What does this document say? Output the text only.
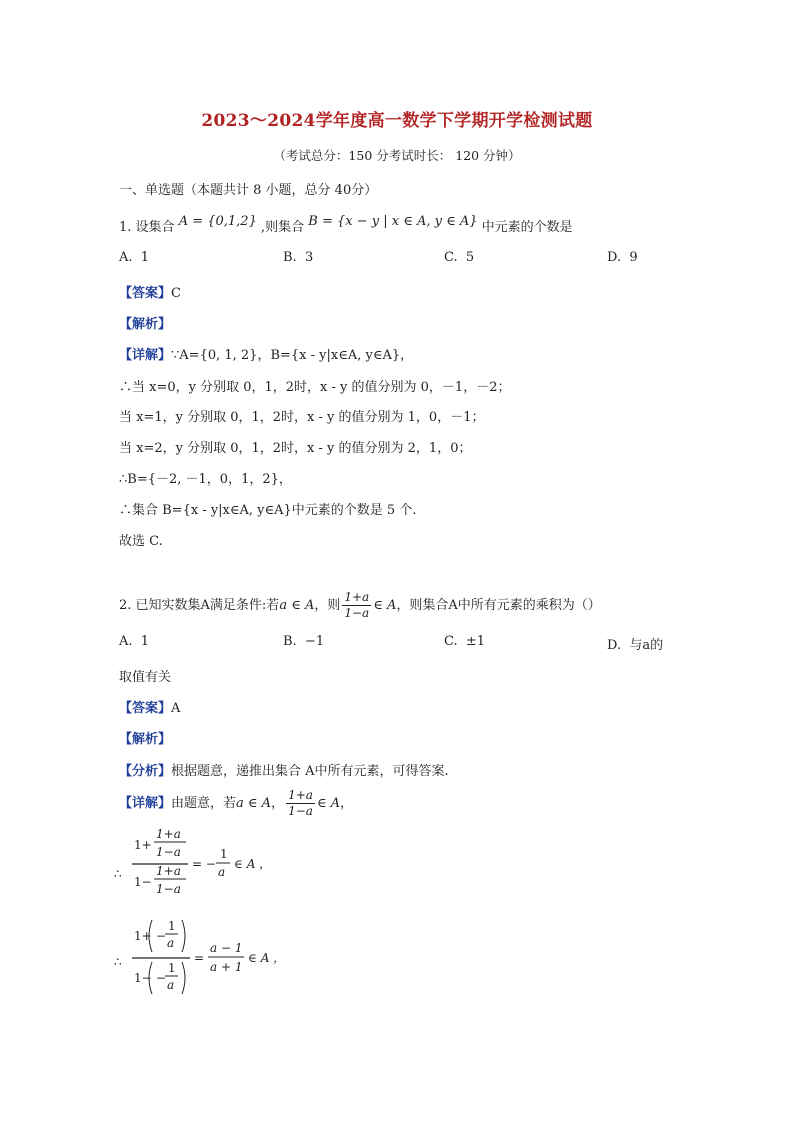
2023～2024学年度高一数学下学期开学检测试题
（考试总分：150 分考试时长： 120 分钟）
一、单选题（本题共计 8 小题，总分 40分）
1. 设集合 A = {0,1,2} ,则集合 B = {x − y | x ∈ A, y ∈ A} 中元素的个数是
A. 1	B. 3	C. 5	D. 9
【答案】C
【解析】
【详解】∵A={0, 1, 2}，B={x - y|x∈A, y∈A}，
∴当 x=0，y 分别取 0，1，2时，x - y 的值分别为 0，－1，－2；
当 x=1，y 分别取 0，1，2时，x - y 的值分别为 1，0，－1；
当 x=2，y 分别取 0，1，2时，x - y 的值分别为 2，1，0；
∴B={－2, －1，0，1，2}，
∴集合 B={x - y|x∈A, y∈A}中元素的个数是 5 个.
故选 C.
2. 已知实数集A满足条件:若a ∈ A，则 $\frac{1+a}{1-a}$ ∈ A，则集合A中所有元素的乘积为（）
A. 1	B. −1	C. ±1	D. 与a的
取值有关
【答案】A
【解析】
【分析】根据题意，递推出集合 A中所有元素，可得答案.
【详解】由题意，若a ∈ A， $\frac{1+a}{1-a}$ ∈ A，
∴
1+
1+a
1−a
1−
1+a
1−a
= −
1
a
∈ A ，
∴
1+ −
1
a
1− −
1
a
=
a − 1
a + 1
∈ A ，
